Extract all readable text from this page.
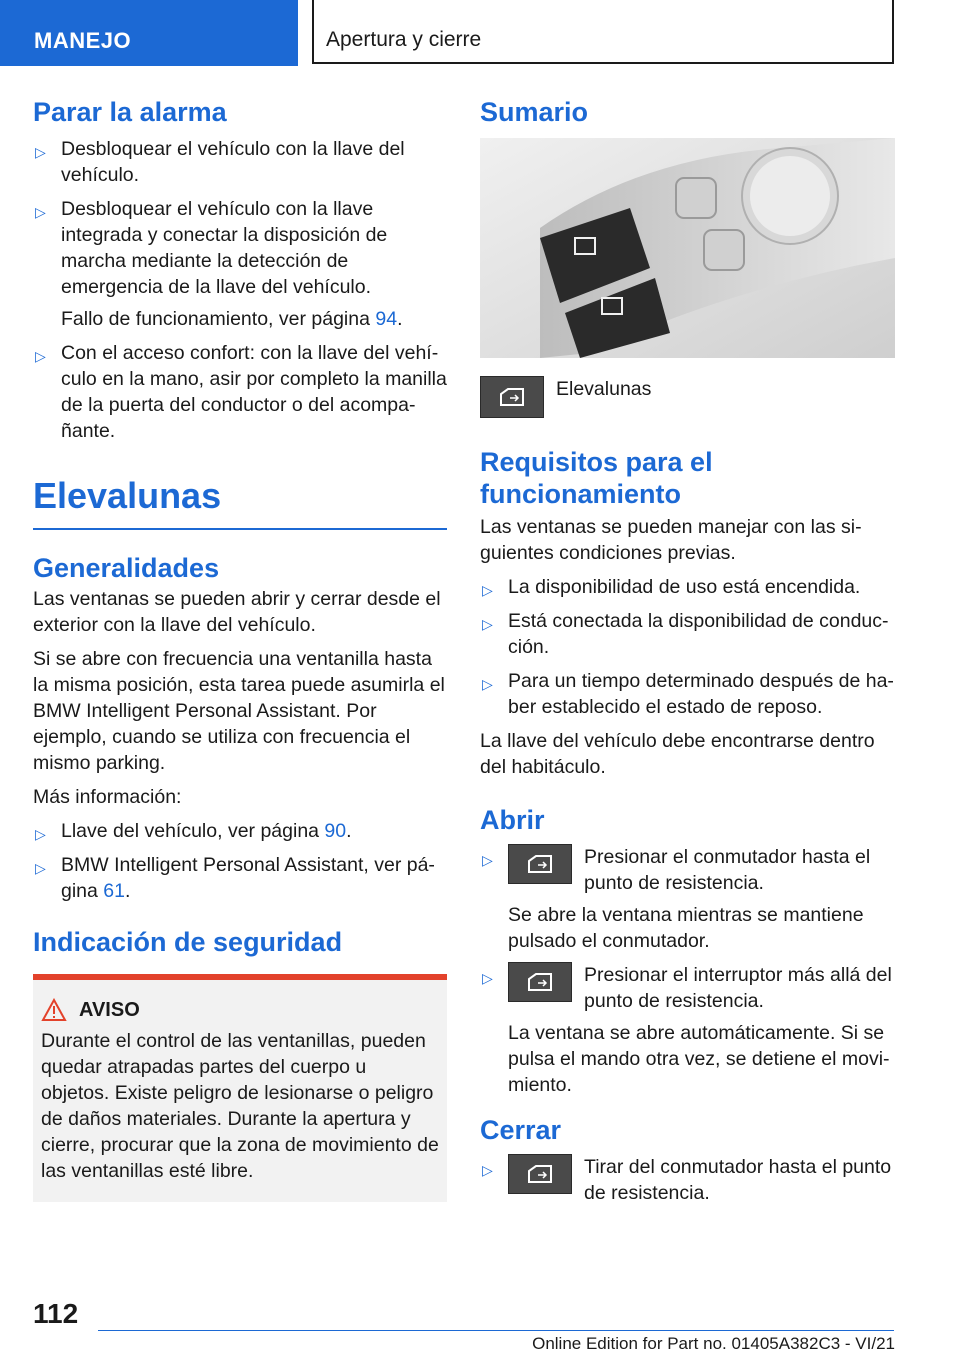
MANEJO	Apertura y cierre
Parar la alarma
▷ Desbloquear el vehículo con la llave del vehículo.
▷ Desbloquear el vehículo con la llave integrada y conectar la disposición de marcha mediante la detección de emergencia de la llave del vehículo.

Fallo de funcionamiento, ver página 94.

▷ Con el acceso confort: con la llave del vehículo en la mano, asir por completo la manilla de la puerta del conductor o del acompañante.
Elevalunas
Generalidades

Las ventanas se pueden abrir y cerrar desde el exterior con la llave del vehículo.

Si se abre con frecuencia una ventanilla hasta la misma posición, esta tarea puede asumirla el BMW Intelligent Personal Assistant. Por ejemplo, cuando se utiliza con frecuencia el mismo parking.

Más información:

▷ Llave del vehículo, ver página 90.
▷ BMW Intelligent Personal Assistant, ver página 61.
Indicación de seguridad
AVISO

Durante el control de las ventanillas, pueden quedar atrapadas partes del cuerpo u objetos. Existe peligro de lesionarse o peligro de daños materiales. Durante la apertura y cierre, procurar que la zona de movimiento de las ventanillas esté libre.

Sumario
Elevalunas
Requisitos para el funcionamiento

Las ventanas se pueden manejar con las siguientes condiciones previas.

▷ La disponibilidad de uso está encendida.
▷ Está conectada la disponibilidad de conducción.
▷ Para un tiempo determinado después de haber establecido el estado de reposo.

La llave del vehículo debe encontrarse dentro del habitáculo.

Abrir
▷	Presionar el conmutador hasta el punto de resistencia.

Se abre la ventana mientras se mantiene pulsado el conmutador.

▷	Presionar el interruptor más allá del punto de resistencia.

La ventana se abre automáticamente. Si se pulsa el mando otra vez, se detiene el movimiento.

Cerrar
▷	Tirar del conmutador hasta el punto de resistencia.
112
Online Edition for Part no. 01405A382C3 - VI/21
